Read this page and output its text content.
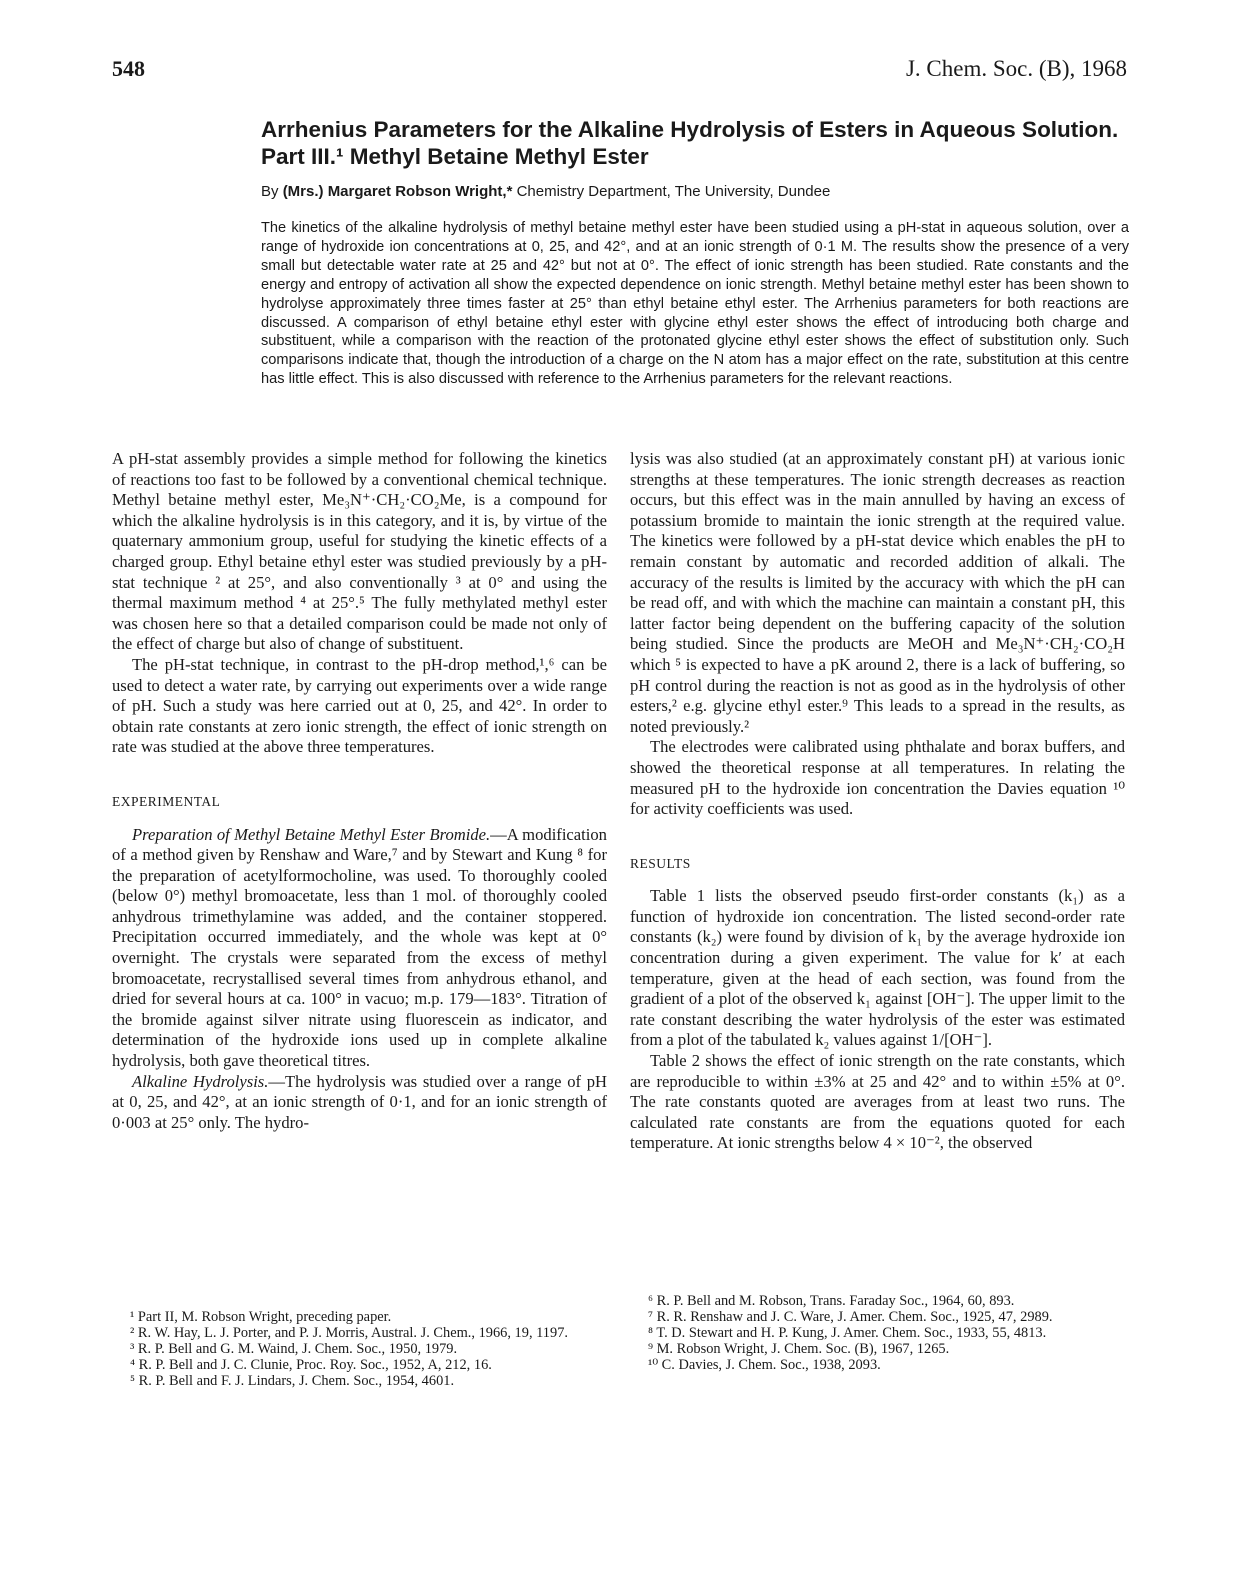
548	J. Chem. Soc. (B), 1968
Arrhenius Parameters for the Alkaline Hydrolysis of Esters in Aqueous Solution. Part III.¹ Methyl Betaine Methyl Ester
By (Mrs.) Margaret Robson Wright,* Chemistry Department, The University, Dundee

The kinetics of the alkaline hydrolysis of methyl betaine methyl ester have been studied using a pH-stat in aqueous solution, over a range of hydroxide ion concentrations at 0, 25, and 42°, and at an ionic strength of 0·1 M. The results show the presence of a very small but detectable water rate at 25 and 42° but not at 0°. The effect of ionic strength has been studied. Rate constants and the energy and entropy of activation all show the expected dependence on ionic strength. Methyl betaine methyl ester has been shown to hydrolyse approximately three times faster at 25° than ethyl betaine ethyl ester. The Arrhenius parameters for both reactions are discussed. A comparison of ethyl betaine ethyl ester with glycine ethyl ester shows the effect of introducing both charge and substituent, while a comparison with the reaction of the protonated glycine ethyl ester shows the effect of substitution only. Such comparisons indicate that, though the introduction of a charge on the N atom has a major effect on the rate, substitution at this centre has little effect. This is also discussed with reference to the Arrhenius parameters for the relevant reactions.

A pH-stat assembly provides a simple method for following the kinetics of reactions too fast to be followed by a conventional chemical technique. Methyl betaine methyl ester, Me₃N⁺·CH₂·CO₂Me, is a compound for which the alkaline hydrolysis is in this category, and it is, by virtue of the quaternary ammonium group, useful for studying the kinetic effects of a charged group. Ethyl betaine ethyl ester was studied previously by a pH-stat technique ² at 25°, and also conventionally ³ at 0° and using the thermal maximum method ⁴ at 25°.⁵ The fully methylated methyl ester was chosen here so that a detailed comparison could be made not only of the effect of charge but also of change of substituent.

The pH-stat technique, in contrast to the pH-drop method,¹,⁶ can be used to detect a water rate, by carrying out experiments over a wide range of pH. Such a study was here carried out at 0, 25, and 42°. In order to obtain rate constants at zero ionic strength, the effect of ionic strength on rate was studied at the above three temperatures.

EXPERIMENTAL

Preparation of Methyl Betaine Methyl Ester Bromide.—A modification of a method given by Renshaw and Ware,⁷ and by Stewart and Kung ⁸ for the preparation of acetylformocholine, was used. To thoroughly cooled (below 0°) methyl bromoacetate, less than 1 mol. of thoroughly cooled anhydrous trimethylamine was added, and the container stoppered. Precipitation occurred immediately, and the whole was kept at 0° overnight. The crystals were separated from the excess of methyl bromoacetate, recrystallised several times from anhydrous ethanol, and dried for several hours at ca. 100° in vacuo; m.p. 179—183°. Titration of the bromide against silver nitrate using fluorescein as indicator, and determination of the hydroxide ions used up in complete alkaline hydrolysis, both gave theoretical titres.

Alkaline Hydrolysis.—The hydrolysis was studied over a range of pH at 0, 25, and 42°, at an ionic strength of 0·1, and for an ionic strength of 0·003 at 25° only. The hydro-

lysis was also studied (at an approximately constant pH) at various ionic strengths at these temperatures. The ionic strength decreases as reaction occurs, but this effect was in the main annulled by having an excess of potassium bromide to maintain the ionic strength at the required value. The kinetics were followed by a pH-stat device which enables the pH to remain constant by automatic and recorded addition of alkali. The accuracy of the results is limited by the accuracy with which the pH can be read off, and with which the machine can maintain a constant pH, this latter factor being dependent on the buffering capacity of the solution being studied. Since the products are MeOH and Me₃N⁺·CH₂·CO₂H which ⁵ is expected to have a pK around 2, there is a lack of buffering, so pH control during the reaction is not as good as in the hydrolysis of other esters,² e.g. glycine ethyl ester.⁹ This leads to a spread in the results, as noted previously.²

The electrodes were calibrated using phthalate and borax buffers, and showed the theoretical response at all temperatures. In relating the measured pH to the hydroxide ion concentration the Davies equation ¹⁰ for activity coefficients was used.

RESULTS

Table 1 lists the observed pseudo first-order constants (k₁) as a function of hydroxide ion concentration. The listed second-order rate constants (k₂) were found by division of k₁ by the average hydroxide ion concentration during a given experiment. The value for k′ at each temperature, given at the head of each section, was found from the gradient of a plot of the observed k₁ against [OH⁻]. The upper limit to the rate constant describing the water hydrolysis of the ester was estimated from a plot of the tabulated k₂ values against 1/[OH⁻].

Table 2 shows the effect of ionic strength on the rate constants, which are reproducible to within ±3% at 25 and 42° and to within ±5% at 0°. The rate constants quoted are averages from at least two runs. The calculated rate constants are from the equations quoted for each temperature. At ionic strengths below 4 × 10⁻², the observed

¹ Part II, M. Robson Wright, preceding paper.

² R. W. Hay, L. J. Porter, and P. J. Morris, Austral. J. Chem., 1966, 19, 1197.

³ R. P. Bell and G. M. Waind, J. Chem. Soc., 1950, 1979.

⁴ R. P. Bell and J. C. Clunie, Proc. Roy. Soc., 1952, A, 212, 16.

⁵ R. P. Bell and F. J. Lindars, J. Chem. Soc., 1954, 4601.

⁶ R. P. Bell and M. Robson, Trans. Faraday Soc., 1964, 60, 893.

⁷ R. R. Renshaw and J. C. Ware, J. Amer. Chem. Soc., 1925, 47, 2989.

⁸ T. D. Stewart and H. P. Kung, J. Amer. Chem. Soc., 1933, 55, 4813.

⁹ M. Robson Wright, J. Chem. Soc. (B), 1967, 1265.

¹⁰ C. Davies, J. Chem. Soc., 1938, 2093.
